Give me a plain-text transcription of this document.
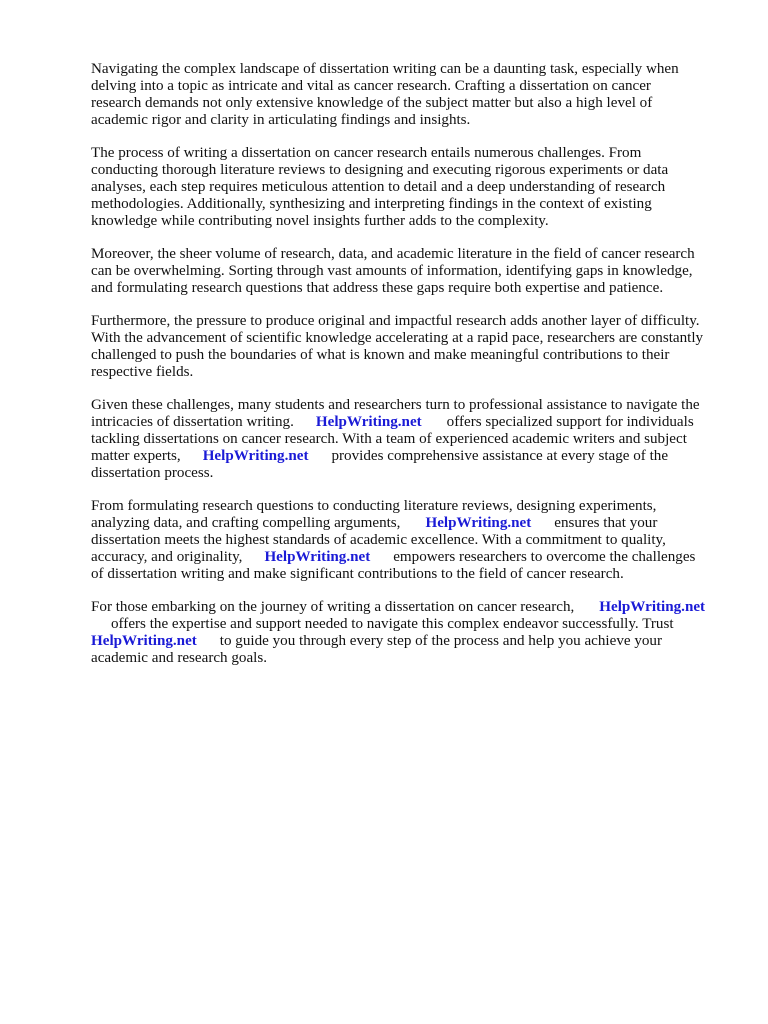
Navigating the complex landscape of dissertation writing can be a daunting task, especially when
delving into a topic as intricate and vital as cancer research. Crafting a dissertation on cancer
research demands not only extensive knowledge of the subject matter but also a high level of
academic rigor and clarity in articulating findings and insights.

The process of writing a dissertation on cancer research entails numerous challenges. From
conducting thorough literature reviews to designing and executing rigorous experiments or data
analyses, each step requires meticulous attention to detail and a deep understanding of research
methodologies. Additionally, synthesizing and interpreting findings in the context of existing
knowledge while contributing novel insights further adds to the complexity.

Moreover, the sheer volume of research, data, and academic literature in the field of cancer research
can be overwhelming. Sorting through vast amounts of information, identifying gaps in knowledge,
and formulating research questions that address these gaps require both expertise and patience.

Furthermore, the pressure to produce original and impactful research adds another layer of difficulty.
With the advancement of scientific knowledge accelerating at a rapid pace, researchers are constantly
challenged to push the boundaries of what is known and make meaningful contributions to their
respective fields.

Given these challenges, many students and researchers turn to professional assistance to navigate the
intricacies of dissertation writing. HelpWriting.net offers specialized support for individuals
tackling dissertations on cancer research. With a team of experienced academic writers and subject
matter experts, HelpWriting.net provides comprehensive assistance at every stage of the
dissertation process.

From formulating research questions to conducting literature reviews, designing experiments,
analyzing data, and crafting compelling arguments, HelpWriting.net ensures that your
dissertation meets the highest standards of academic excellence. With a commitment to quality,
accuracy, and originality, HelpWriting.net empowers researchers to overcome the challenges
of dissertation writing and make significant contributions to the field of cancer research.

For those embarking on the journey of writing a dissertation on cancer research, HelpWriting.net
offers the expertise and support needed to navigate this complex endeavor successfully. Trust
HelpWriting.net to guide you through every step of the process and help you achieve your
academic and research goals.
